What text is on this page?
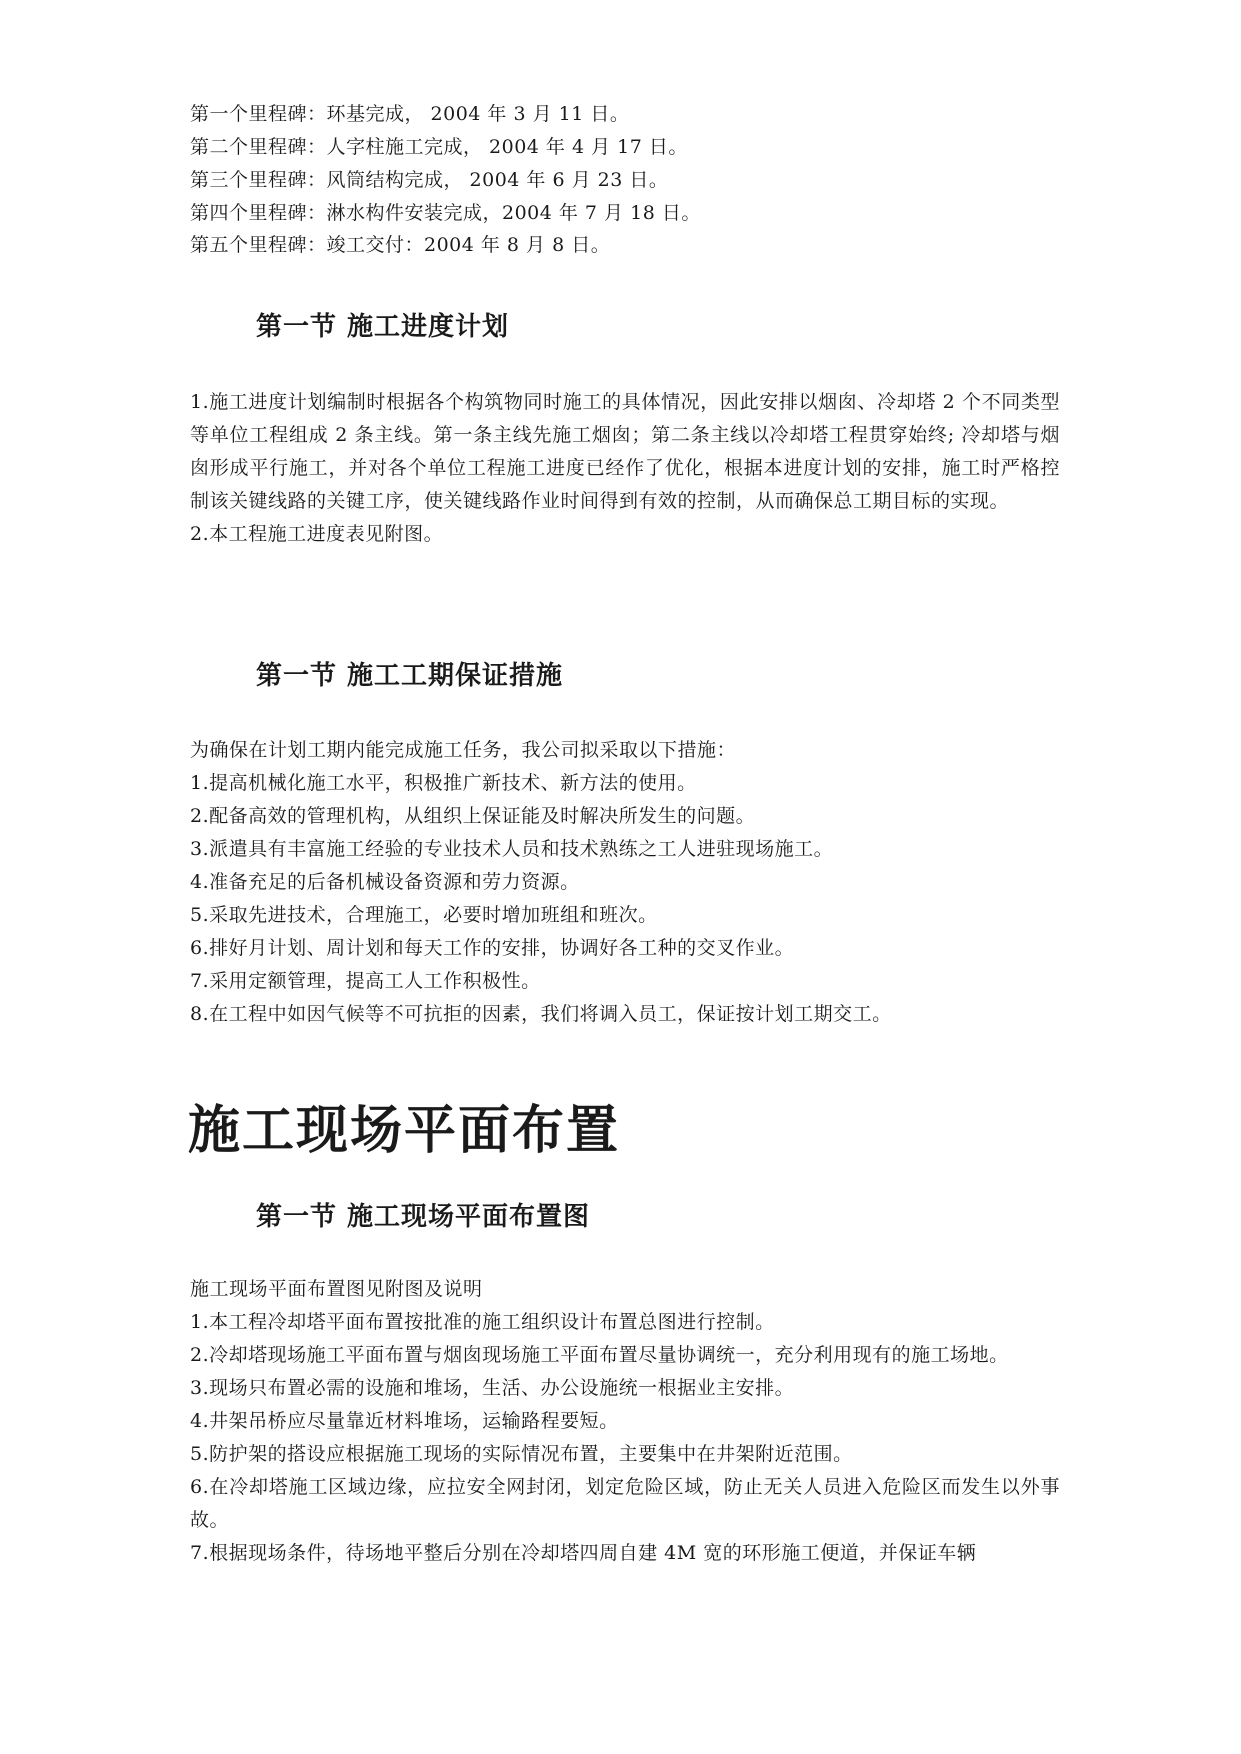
第一个里程碑：环基完成， 2004 年 3 月 11 日。
第二个里程碑：人字柱施工完成， 2004 年 4 月 17 日。
第三个里程碑：风筒结构完成， 2004 年 6 月 23 日。
第四个里程碑：淋水构件安装完成，2004 年 7 月 18 日。
第五个里程碑：竣工交付：2004 年 8 月 8 日。
第一节 施工进度计划

1.施工进度计划编制时根据各个构筑物同时施工的具体情况，因此安排以烟囱、冷却塔 2 个不同类型等单位工程组成 2 条主线。第一条主线先施工烟囱；第二条主线以冷却塔工程贯穿始终; 冷却塔与烟囱形成平行施工，并对各个单位工程施工进度已经作了优化，根据本进度计划的安排，施工时严格控制该关键线路的关键工序，使关键线路作业时间得到有效的控制，从而确保总工期目标的实现。

2.本工程施工进度表见附图。

第一节 施工工期保证措施

为确保在计划工期内能完成施工任务，我公司拟采取以下措施：

1.提高机械化施工水平，积极推广新技术、新方法的使用。

2.配备高效的管理机构，从组织上保证能及时解决所发生的问题。

3.派遣具有丰富施工经验的专业技术人员和技术熟练之工人进驻现场施工。

4.准备充足的后备机械设备资源和劳力资源。

5.采取先进技术，合理施工，必要时增加班组和班次。

6.排好月计划、周计划和每天工作的安排，协调好各工种的交叉作业。

7.采用定额管理，提高工人工作积极性。

8.在工程中如因气候等不可抗拒的因素，我们将调入员工，保证按计划工期交工。

施工现场平面布置
第一节 施工现场平面布置图

施工现场平面布置图见附图及说明

1.本工程冷却塔平面布置按批准的施工组织设计布置总图进行控制。

2.冷却塔现场施工平面布置与烟囱现场施工平面布置尽量协调统一，充分利用现有的施工场地。

3.现场只布置必需的设施和堆场，生活、办公设施统一根据业主安排。

4.井架吊桥应尽量靠近材料堆场，运输路程要短。

5.防护架的搭设应根据施工现场的实际情况布置，主要集中在井架附近范围。

6.在冷却塔施工区域边缘，应拉安全网封闭，划定危险区域，防止无关人员进入危险区而发生以外事故。

7.根据现场条件，待场地平整后分别在冷却塔四周自建 4M 宽的环形施工便道，并保证车辆
